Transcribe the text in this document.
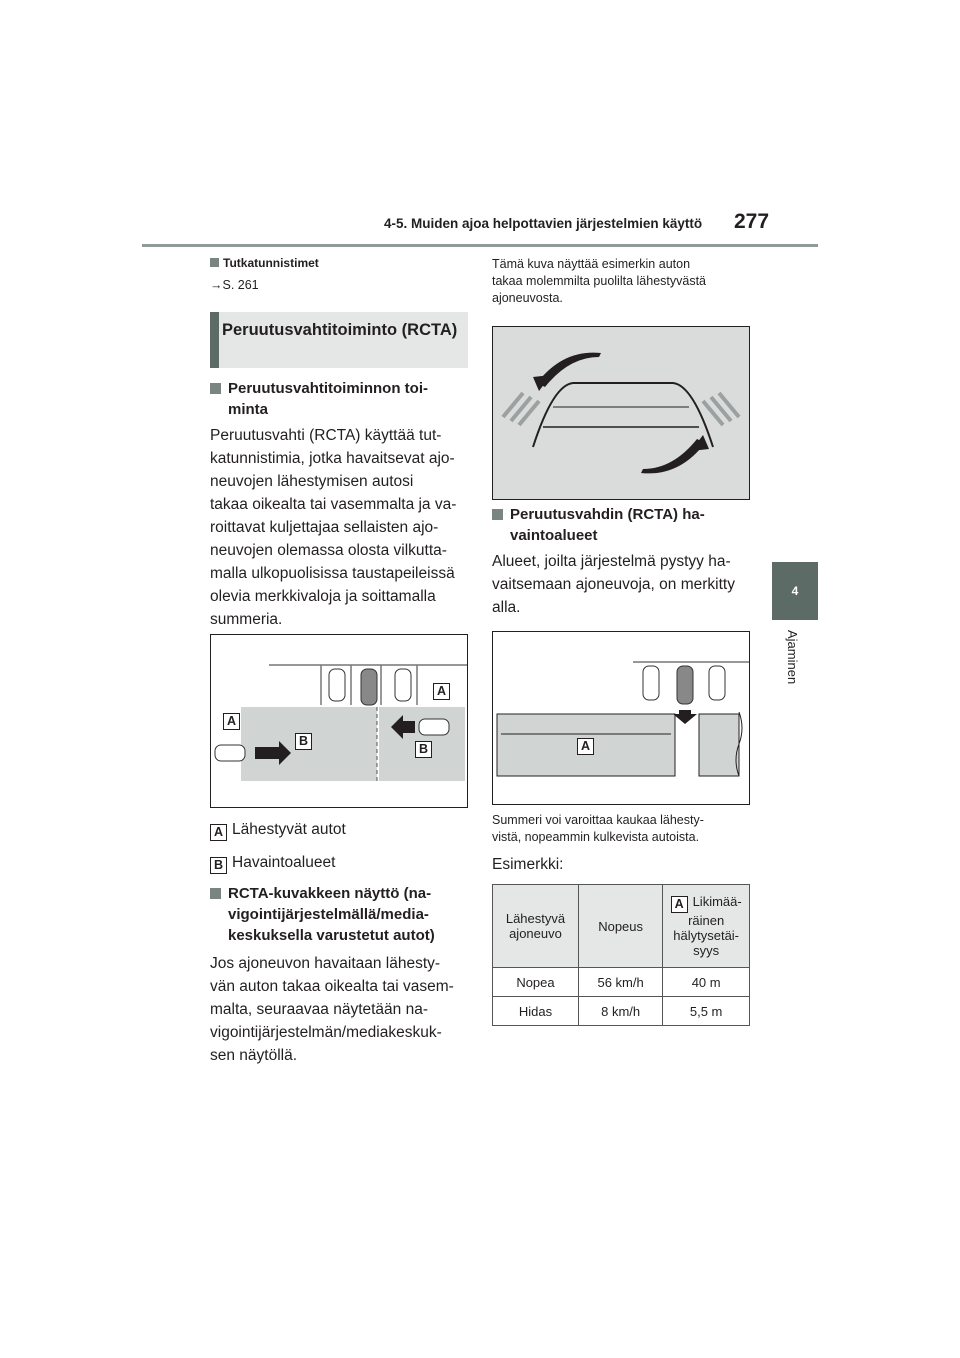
4-5. Muiden ajoa helpottavien järjestelmien käyttö 277
4
Ajaminen
Tutkatunnistimet
→S. 261
Peruutusvahtitoiminto (RCTA)
Peruutusvahtitoiminnon toi-
minta
Peruutusvahti (RCTA) käyttää tut-
katunnistimia, jotka havaitsevat ajo-
neuvojen lähestymisen autosi
takaa oikealta tai vasemmalta ja va-
roittavat kuljettajaa sellaisten ajo-
neuvojen olemassa olosta vilkutta-
malla ulkopuolisissa taustapeileissä
olevia merkkivaloja ja soittamalla
summeria.
A
A
B
B
A Lähestyvät autot
B Havaintoalueet
RCTA-kuvakkeen näyttö (na-
vigointijärjestelmällä/media-
keskuksella varustetut autot)
Jos ajoneuvon havaitaan lähesty-
vän auton takaa oikealta tai vasem-
malta, seuraavaa näytetään na-
vigointijärjestelmän/mediakeskuk-
sen näytöllä.
Tämä kuva näyttää esimerkin auton
takaa molemmilta puolilta lähestyvästä
ajoneuvosta.
Peruutusvahdin (RCTA) ha-
vaintoalueet
Alueet, joilta järjestelmä pystyy ha-
vaitsemaan ajoneuvoja, on merkitty
alla.
A
Summeri voi varoittaa kaukaa lähesty-
vistä, nopeammin kulkevista autoista.
Esimerkki:
Lähestyvä
ajoneuvo	Nopeus	A Likimää-
räinen
hälytysetäi-
syys
Nopea	56 km/h	40 m
Hidas	8 km/h	5,5 m
